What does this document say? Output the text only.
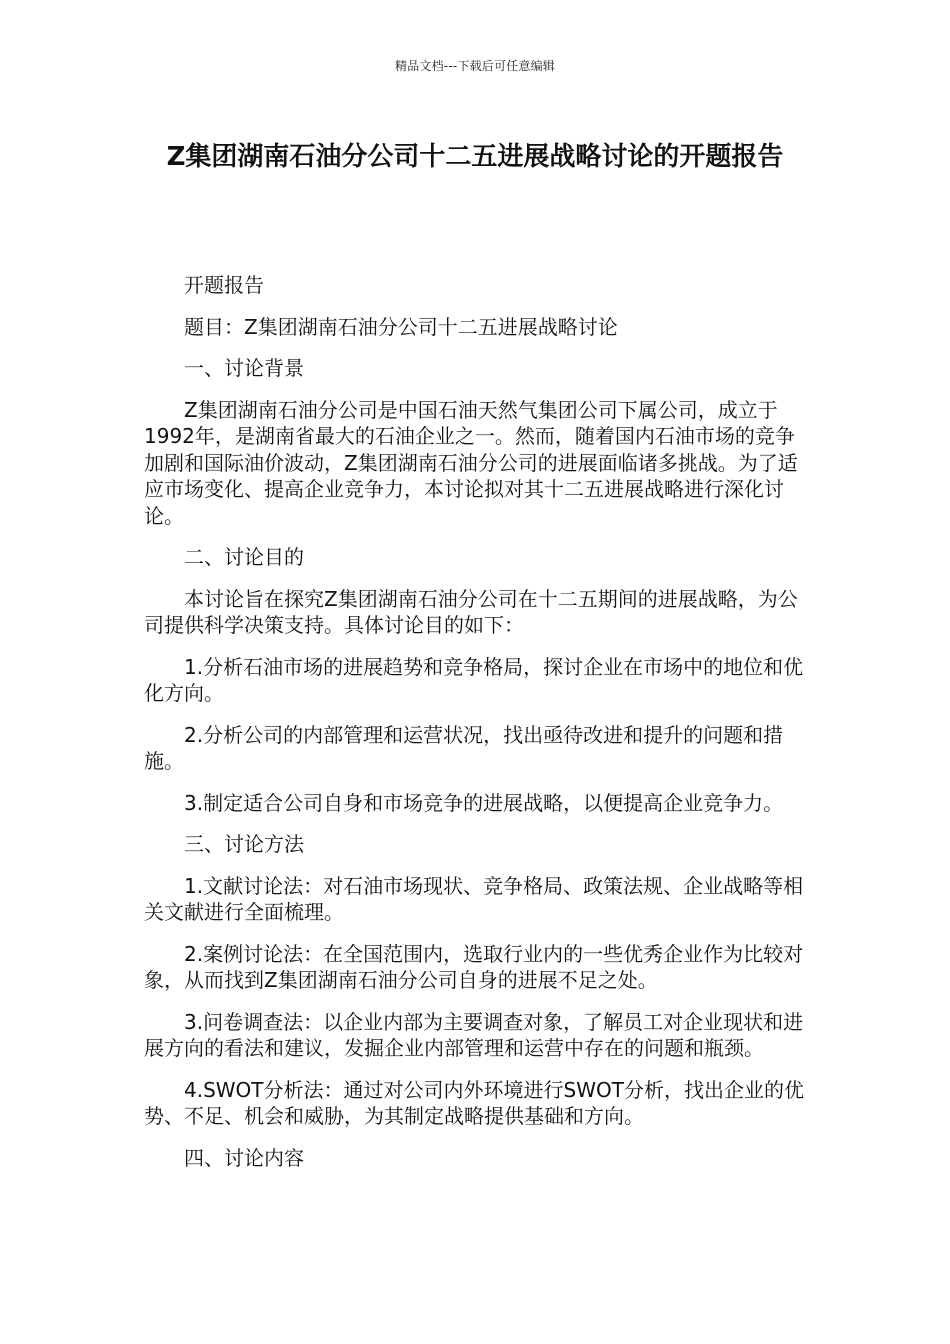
精品文档---下载后可任意编辑
Z集团湖南石油分公司十二五进展战略讨论的开题报告

开题报告

题目：Z集团湖南石油分公司十二五进展战略讨论

一、讨论背景

Z集团湖南石油分公司是中国石油天然气集团公司下属公司，成立于1992年，是湖南省最大的石油企业之一。然而，随着国内石油市场的竞争加剧和国际油价波动，Z集团湖南石油分公司的进展面临诸多挑战。为了适应市场变化、提高企业竞争力，本讨论拟对其十二五进展战略进行深化讨论。

二、讨论目的

本讨论旨在探究Z集团湖南石油分公司在十二五期间的进展战略，为公司提供科学决策支持。具体讨论目的如下：

1.分析石油市场的进展趋势和竞争格局，探讨企业在市场中的地位和优化方向。

2.分析公司的内部管理和运营状况，找出亟待改进和提升的问题和措施。

3.制定适合公司自身和市场竞争的进展战略，以便提高企业竞争力。

三、讨论方法

1.文献讨论法：对石油市场现状、竞争格局、政策法规、企业战略等相关文献进行全面梳理。

2.案例讨论法：在全国范围内，选取行业内的一些优秀企业作为比较对象，从而找到Z集团湖南石油分公司自身的进展不足之处。

3.问卷调查法：以企业内部为主要调查对象，了解员工对企业现状和进展方向的看法和建议，发掘企业内部管理和运营中存在的问题和瓶颈。

4.SWOT分析法：通过对公司内外环境进行SWOT分析，找出企业的优势、不足、机会和威胁，为其制定战略提供基础和方向。

四、讨论内容
